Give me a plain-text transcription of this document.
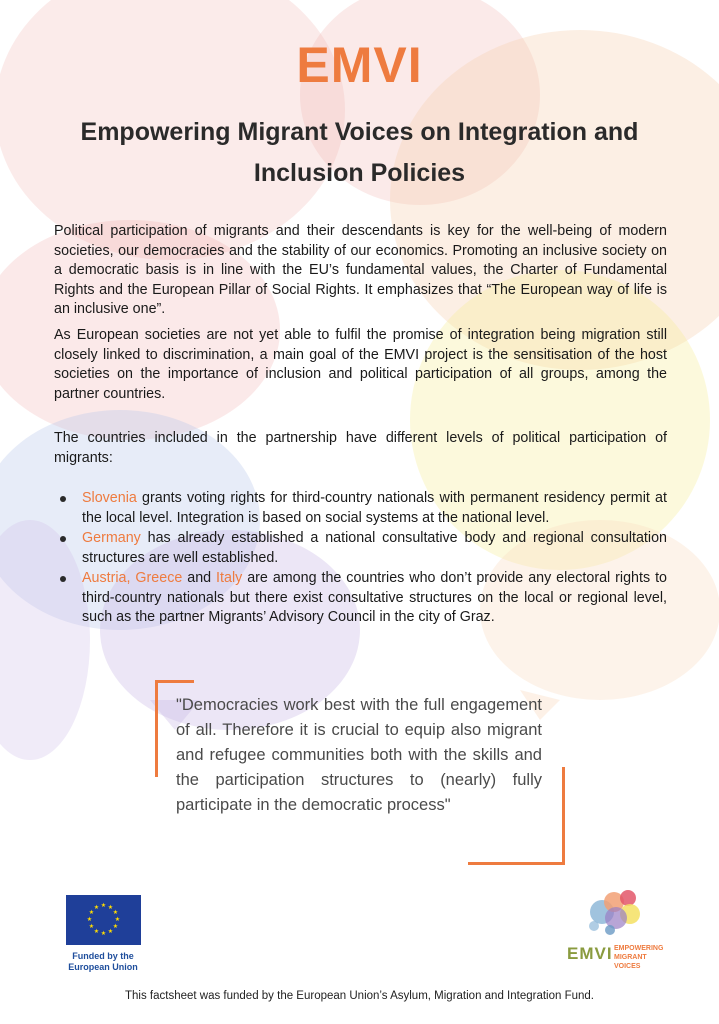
EMVI
Empowering Migrant Voices on Integration and Inclusion Policies
Political participation of migrants and their descendants is key for the well-being of modern societies, our democracies and the stability of our economics. Promoting an inclusive society on a democratic basis is in line with the EU’s fundamental values, the Charter of Fundamental Rights and the European Pillar of Social Rights. It emphasizes that “The European way of life is an inclusive one”.
As European societies are not yet able to fulfil the promise of integration being migration still closely linked to discrimination, a main goal of the EMVI project is the sensitisation of the host societies on the importance of inclusion and political participation of all groups, among the partner countries.
The countries included in the partnership have different levels of political participation of migrants:
Slovenia grants voting rights for third-country nationals with permanent residency permit at the local level. Integration is based on social systems at the national level.
Germany has already established a national consultative body and regional consultation structures are well established.
Austria, Greece and Italy are among the countries who don’t provide any electoral rights to third-country nationals but there exist consultative structures on the local or regional level, such as the partner Migrants’ Advisory Council in the city of Graz.
"Democracies work best with the full engagement of all. Therefore it is crucial to equip also migrant and refugee communities both with the skills and the participation structures to (nearly) fully participate in the democratic process"
★ ★
★
★
★
★
★
★
★
★
★
★
Funded by the
European Union
EMVI EMPOWERING
MIGRANT VOICES
This factsheet was funded by the European Union’s Asylum, Migration and Integration Fund.
